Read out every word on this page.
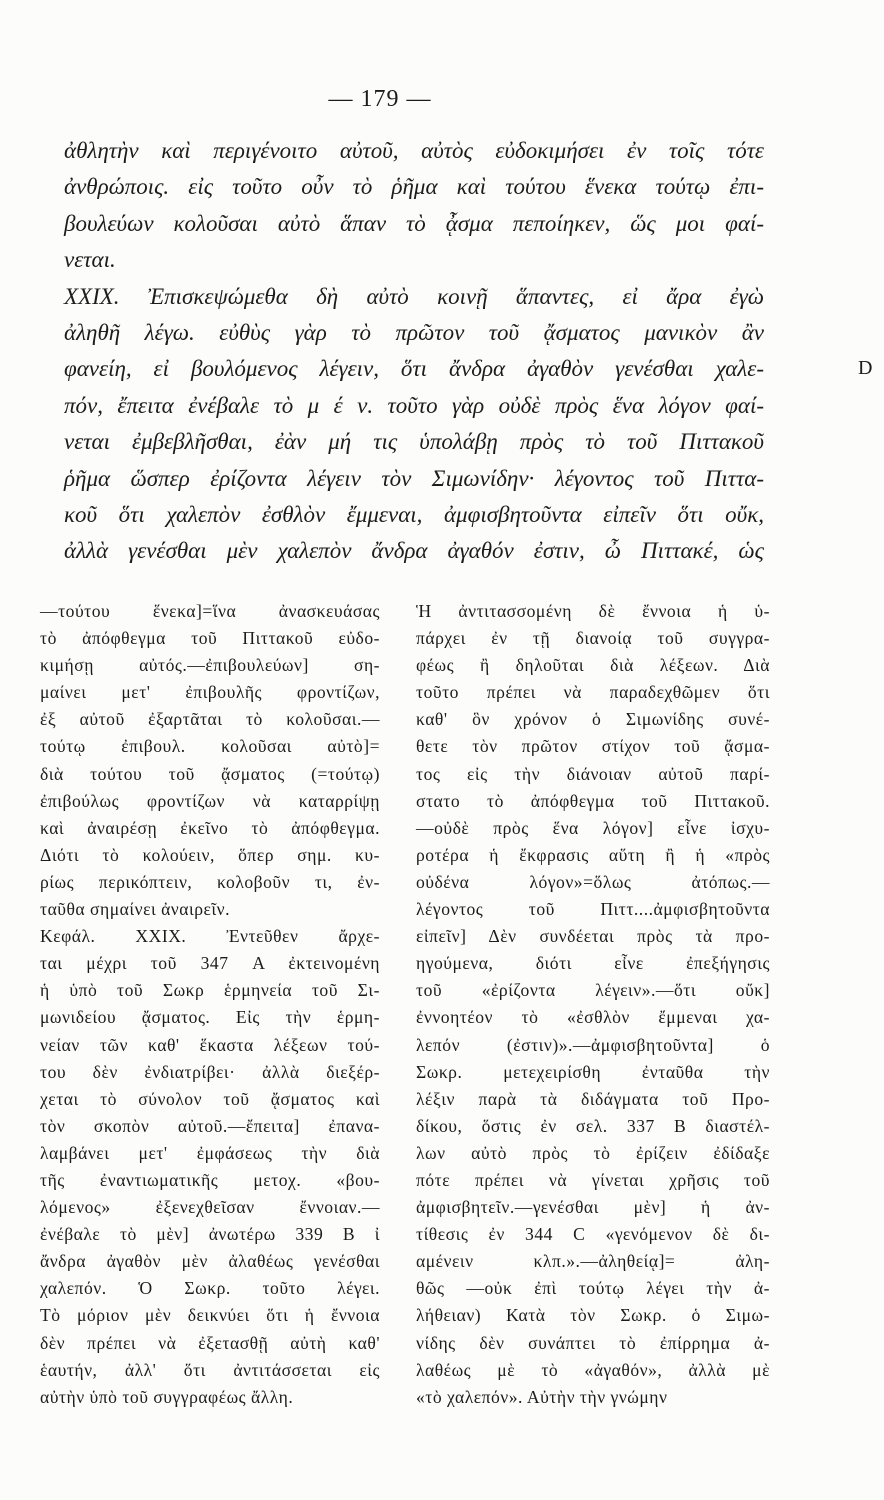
— 179 —
ἀθλητὴν καὶ περιγένοιτο αὐτοῦ, αὐτὸς εὐδοκιμήσει ἐν τοῖς τότε
ἀνθρώποις. εἰς τοῦτο οὖν τὸ ῥῆμα καὶ τούτου ἕνεκα τούτῳ ἐπι-
βουλεύων κολοῦσαι αὐτὸ ἅπαν τὸ ᾆσμα πεποίηκεν, ὥς μοι φαί-
νεται.
XXIX. Ἐπισκεψώμεθα δὴ αὐτὸ κοινῇ ἅπαντες, εἰ ἄρα ἐγὼ
ἀληθῆ λέγω. εὐθὺς γὰρ τὸ πρῶτον τοῦ ᾄσματος μανικὸν ἂν
φανείη, εἰ βουλόμενος λέγειν, ὅτι ἄνδρα ἀγαθὸν γενέσθαι χαλε-
πόν, ἔπειτα ἐνέβαλε τὸ μ έ ν. τοῦτο γὰρ οὐδὲ πρὸς ἕνα λόγον φαί-
νεται ἐμβεβλῆσθαι, ἐὰν μή τις ὑπολάβῃ πρὸς τὸ τοῦ Πιττακοῦ
ῥῆμα ὥσπερ ἐρίζοντα λέγειν τὸν Σιμωνίδην· λέγοντος τοῦ Πιττα-
κοῦ ὅτι χαλεπὸν ἐσθλὸν ἔμμεναι, ἀμφισβητοῦντα εἰπεῖν ὅτι οὔκ,
ἀλλὰ γενέσθαι μὲν χαλεπὸν ἄνδρα ἀγαθόν ἐστιν, ὦ Πιττακέ, ὡς
D
—τούτου ἕνεκα]=ἵνα ἀνασκευάσας
τὸ ἀπόφθεγμα τοῦ Πιττακοῦ εὐδο-
κιμήσῃ αὐτός.—ἐπιβουλεύων] ση-
μαίνει μετ' ἐπιβουλῆς φροντίζων,
ἐξ αὐτοῦ ἐξαρτᾶται τὸ κολοῦσαι.—
τούτῳ ἐπιβουλ. κολοῦσαι αὐτὸ]=
διὰ τούτου τοῦ ᾄσματος (=τούτῳ)
ἐπιβούλως φροντίζων νὰ καταρρίψῃ
καὶ ἀναιρέσῃ ἐκεῖνο τὸ ἀπόφθεγμα.
Διότι τὸ κολούειν, ὅπερ σημ. κυ-
ρίως περικόπτειν, κολοβοῦν τι, ἐν-
ταῦθα σημαίνει ἀναιρεῖν.
Κεφάλ. XXIX. Ἐντεῦθεν ἄρχε-
ται μέχρι τοῦ 347 A ἐκτεινομένη
ἡ ὑπὸ τοῦ Σωκρ ἑρμηνεία τοῦ Σι-
μωνιδείου ᾄσματος. Εἰς τὴν ἑρμη-
νείαν τῶν καθ' ἕκαστα λέξεων τού-
του δὲν ἐνδιατρίβει· ἀλλὰ διεξέρ-
χεται τὸ σύνολον τοῦ ᾄσματος καὶ
τὸν σκοπὸν αὐτοῦ.—ἔπειτα] ἐπανα-
λαμβάνει μετ' ἐμφάσεως τὴν διὰ
τῆς ἐναντιωματικῆς μετοχ. «βου-
λόμενος» ἐξενεχθεῖσαν ἔννοιαν.—
ἐνέβαλε τὸ μὲν] ἀνωτέρω 339 B ἰ
ἄνδρα ἀγαθὸν μὲν ἀλαθέως γενέσθαι
χαλεπόν. Ὁ Σωκρ. τοῦτο λέγει.
Τὸ μόριον μὲν δεικνύει ὅτι ἡ ἔννοια
δὲν πρέπει νὰ ἐξετασθῇ αὐτὴ καθ'
ἑαυτήν, ἀλλ' ὅτι ἀντιτάσσεται εἰς
αὐτὴν ὑπὸ τοῦ συγγραφέως ἄλλη.
Ἡ ἀντιτασσομένη δὲ ἔννοια ἡ ὑ-
πάρχει ἐν τῇ διανοίᾳ τοῦ συγγρα-
φέως ἢ δηλοῦται διὰ λέξεων. Διὰ
τοῦτο πρέπει νὰ παραδεχθῶμεν ὅτι
καθ' ὃν χρόνον ὁ Σιμωνίδης συνέ-
θετε τὸν πρῶτον στίχον τοῦ ᾄσμα-
τος εἰς τὴν διάνοιαν αὐτοῦ παρί-
στατο τὸ ἀπόφθεγμα τοῦ Πιττακοῦ.
—οὐδὲ πρὸς ἕνα λόγον] εἶνε ἰσχυ-
ροτέρα ἡ ἔκφρασις αὕτη ἢ ἡ «πρὸς
οὐδένα λόγον»=ὅλως ἀτόπως.—
λέγοντος τοῦ Πιττ....ἀμφισβητοῦντα
εἰπεῖν] Δὲν συνδέεται πρὸς τὰ προ-
ηγούμενα, διότι εἶνε ἐπεξήγησις
τοῦ «ἐρίζοντα λέγειν».—ὅτι οὔκ]
ἐννοητέον τὸ «ἐσθλὸν ἔμμεναι χα-
λεπόν (ἐστιν)».—ἀμφισβητοῦντα] ὁ
Σωκρ. μετεχειρίσθη ἐνταῦθα τὴν
λέξιν παρὰ τὰ διδάγματα τοῦ Προ-
δίκου, ὅστις ἐν σελ. 337 B διαστέλ-
λων αὐτὸ πρὸς τὸ ἐρίζειν ἐδίδαξε
πότε πρέπει νὰ γίνεται χρῆσις τοῦ
ἀμφισβητεῖν.—γενέσθαι μὲν] ἡ ἀν-
τίθεσις ἐν 344 C «γενόμενον δὲ δι-
αμένειν κλπ.».—ἀληθείᾳ]= ἀλη-
θῶς —οὐκ ἐπὶ τούτῳ λέγει τὴν ἀ-
λήθειαν) Κατὰ τὸν Σωκρ. ὁ Σιμω-
νίδης δὲν συνάπτει τὸ ἐπίρρημα ἀ-
λαθέως μὲ τὸ «ἀγαθόν», ἀλλὰ μὲ
«τὸ χαλεπόν». Αὐτὴν τὴν γνώμην
